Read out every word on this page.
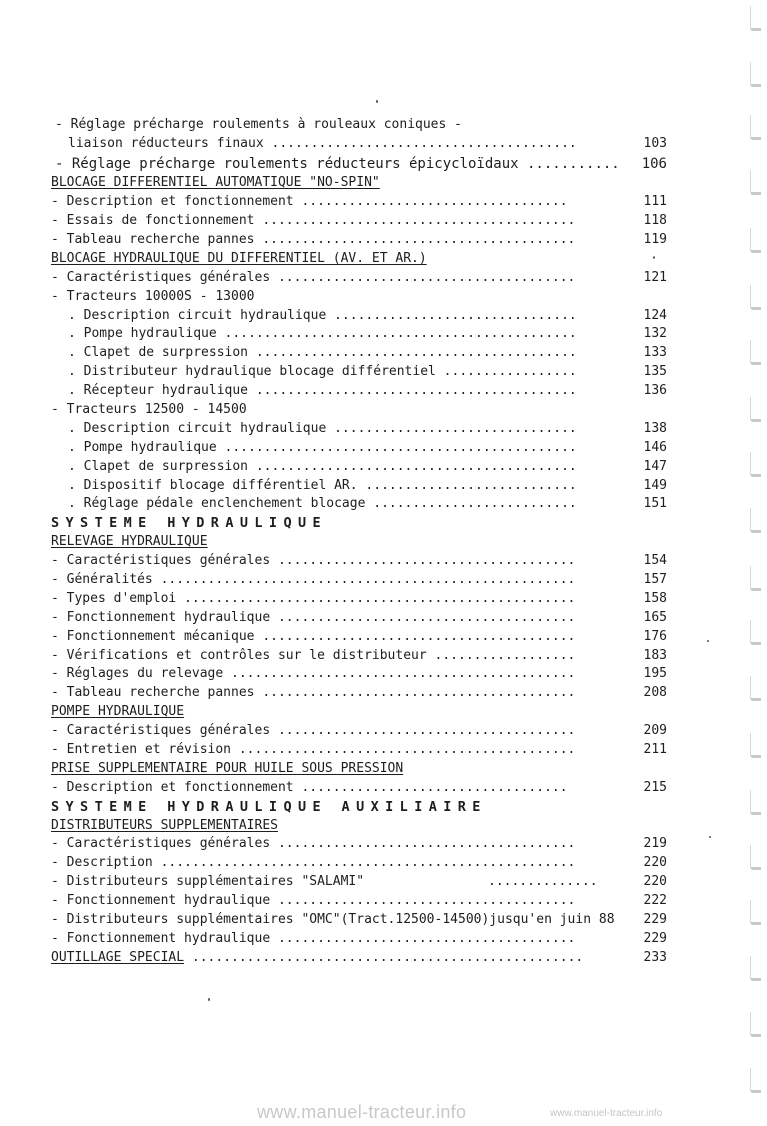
- Réglage précharge roulements à rouleaux coniques -
liaison réducteurs finaux .......................................	103
- Réglage précharge roulements réducteurs épicycloïdaux ...........	106
BLOCAGE DIFFERENTIEL AUTOMATIQUE "NO-SPIN"
- Description et fonctionnement ..................................	111
- Essais de fonctionnement ........................................	118
- Tableau recherche pannes ........................................	119
BLOCAGE HYDRAULIQUE DU DIFFERENTIEL (AV. ET AR.)	·
- Caractéristiques générales ......................................	121
- Tracteurs 10000S - 13000
. Description circuit hydraulique ...............................	124
. Pompe hydraulique .............................................	132
. Clapet de surpression .........................................	133
. Distributeur hydraulique blocage différentiel .................	135
. Récepteur hydraulique .........................................	136
- Tracteurs 12500 - 14500
. Description circuit hydraulique ...............................	138
. Pompe hydraulique .............................................	146
. Clapet de surpression .........................................	147
. Dispositif blocage différentiel AR. ...........................	149
. Réglage pédale enclenchement blocage ..........................	151
SYSTEME HYDRAULIQUE
RELEVAGE HYDRAULIQUE
- Caractéristiques générales ......................................	154
- Généralités .....................................................	157
- Types d'emploi ..................................................	158
- Fonctionnement hydraulique ......................................	165
- Fonctionnement mécanique ........................................	176
- Vérifications et contrôles sur le distributeur ..................	183
- Réglages du relevage ............................................	195
- Tableau recherche pannes ........................................	208
POMPE HYDRAULIQUE
- Caractéristiques générales ......................................	209
- Entretien et révision ...........................................	211
PRISE SUPPLEMENTAIRE POUR HUILE SOUS PRESSION
- Description et fonctionnement ..................................	215
SYSTEME HYDRAULIQUE AUXILIAIRE
DISTRIBUTEURS SUPPLEMENTAIRES
- Caractéristiques générales ......................................	219
- Description .....................................................	220
- Distributeurs supplémentaires "SALAMI"	..............	220
- Fonctionnement hydraulique ......................................	222
- Distributeurs supplémentaires "OMC"(Tract.12500-14500)jusqu'en juin 88	229
- Fonctionnement hydraulique ......................................	229
OUTILLAGE SPECIAL ..................................................	233
www.manuel-tracteur.info	www.manuel-tracteur.info
